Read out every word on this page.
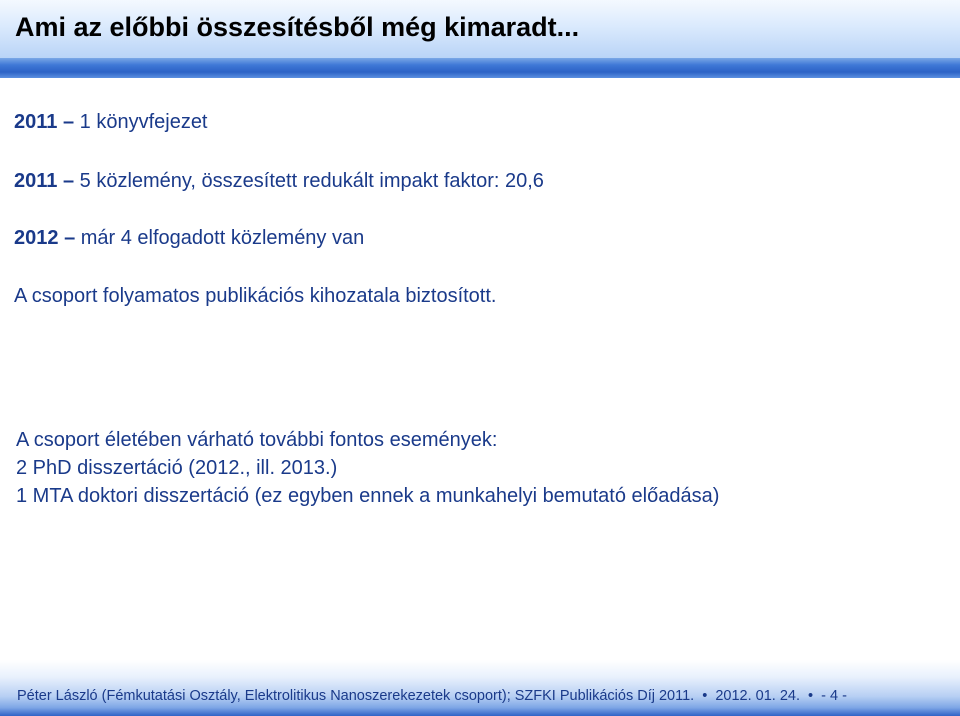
Ami az előbbi összesítésből még kimaradt...
2011 – 1 könyvfejezet
2011 – 5 közlemény, összesített redukált impakt faktor: 20,6
2012 – már 4 elfogadott közlemény van
A csoport folyamatos publikációs kihozatala biztosított.
A csoport életében várható további fontos események:
2 PhD disszertáció (2012., ill. 2013.)
1 MTA doktori disszertáció (ez egyben ennek a munkahelyi bemutató előadása)
Péter László (Fémkutatási Osztály, Elektrolitikus Nanoszerekezetek csoport); SZFKI Publikációs Díj 2011. • 2012. 01. 24. • - 4 -
